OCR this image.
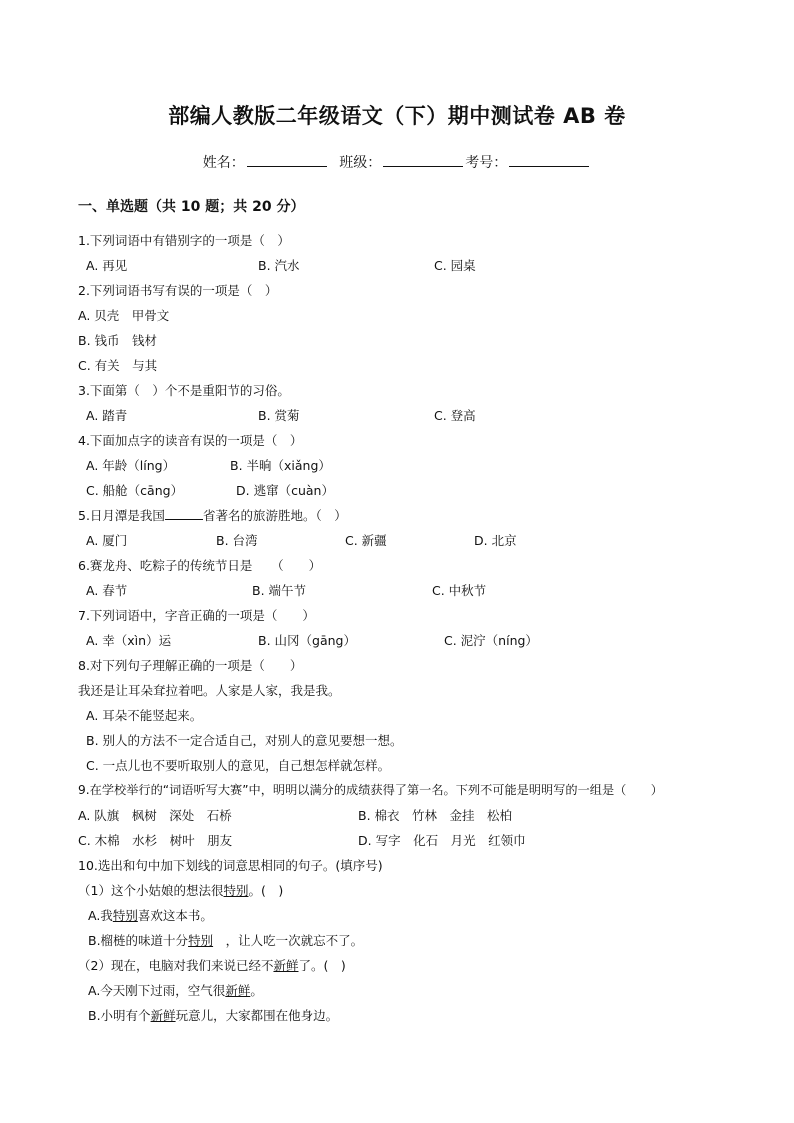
部编人教版二年级语文（下）期中测试卷 AB 卷
姓名：	班级：	考号：
一、单选题（共 10 题；共 20 分）
1.下列词语中有错别字的一项是（　）
A. 再见	B. 汽水	C. 园桌
2.下列词语书写有误的一项是（　）
A. 贝壳　甲骨文
B. 钱币　钱材
C. 有关　与其
3.下面第（　）个不是重阳节的习俗。
A. 踏青	B. 赏菊	C. 登高
4.下面加点字的读音有误的一项是（　）
A. 年龄（líng）	B. 半晌（xiǎng）
C. 船舱（cāng）	D. 逃窜（cuàn）
5.日月潭是我国	省著名的旅游胜地。（　）
A. 厦门	B. 台湾	C. 新疆	D. 北京
6.赛龙舟、吃粽子的传统节日是　　（　　）
A. 春节	B. 端午节	C. 中秋节
7.下列词语中，字音正确的一项是（　　）
A. 幸（xìn）运	B. 山冈（gāng）	C. 泥泞（níng）
8.对下列句子理解正确的一项是（　　）
我还是让耳朵耷拉着吧。人家是人家，我是我。
A. 耳朵不能竖起来。
B. 别人的方法不一定合适自己，对别人的意见要想一想。
C. 一点儿也不要听取别人的意见，自己想怎样就怎样。
9.在学校举行的“词语听写大赛”中，明明以满分的成绩获得了第一名。下列不可能是明明写的一组是（　　）
A. 队旗　枫树　深处　石桥	B. 棉衣　竹林　金挂　松柏
C. 木棉　水杉　树叶　朋友	D. 写字　化石　月光　红领巾
10.选出和句中加下划线的词意思相同的句子。(填序号)
（1）这个小姑娘的想法很特别。(　)
A.我特别喜欢这本书。
B.榴梿的味道十分特别　，让人吃一次就忘不了。
（2）现在，电脑对我们来说已经不新鲜了。(　)
A.今天刚下过雨，空气很新鲜。
B.小明有个新鲜玩意儿，大家都围在他身边。
